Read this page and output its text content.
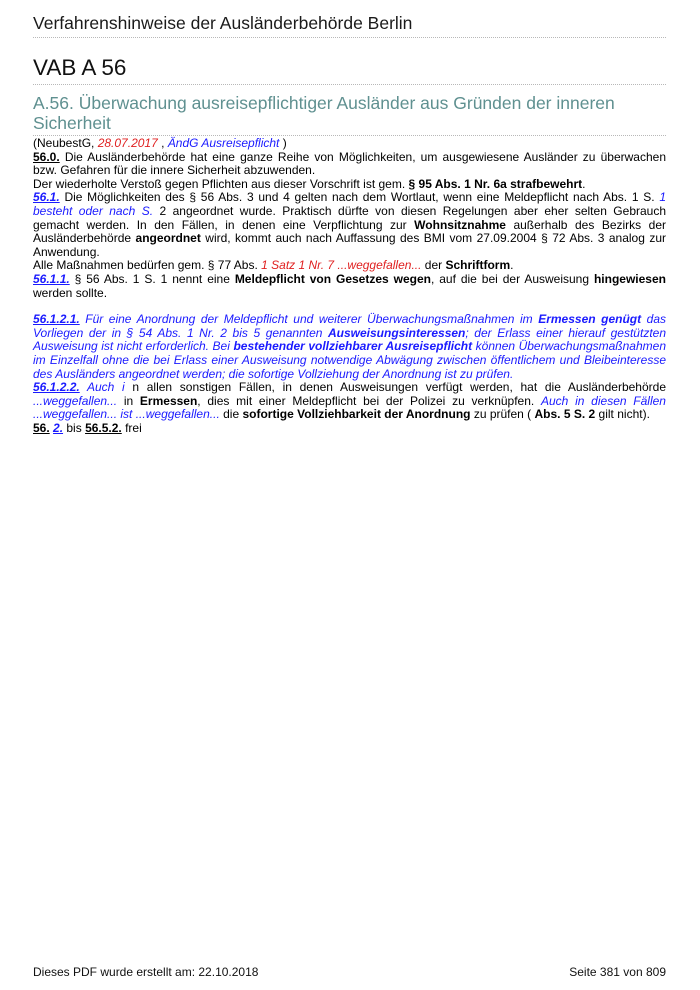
Verfahrenshinweise der Ausländerbehörde Berlin
VAB A 56
A.56. Überwachung ausreisepflichtiger Ausländer aus Gründen der inneren Sicherheit

(NeubestG, 28.07.2017 , ÄndG Ausreisepflicht )

56.0. Die Ausländerbehörde hat eine ganze Reihe von Möglichkeiten, um ausgewiesene Ausländer zu überwachen bzw. Gefahren für die innere Sicherheit abzuwenden.

Der wiederholte Verstoß gegen Pflichten aus dieser Vorschrift ist gem. § 95 Abs. 1 Nr. 6a strafbewehrt.

56.1. Die Möglichkeiten des § 56 Abs. 3 und 4 gelten nach dem Wortlaut, wenn eine Meldepflicht nach Abs. 1 S. 1 besteht oder nach S. 2 angeordnet wurde. Praktisch dürfte von diesen Regelungen aber eher selten Gebrauch gemacht werden. In den Fällen, in denen eine Verpflichtung zur Wohnsitznahme außerhalb des Bezirks der Ausländerbehörde angeordnet wird, kommt auch nach Auffassung des BMI vom 27.09.2004 § 72 Abs. 3 analog zur Anwendung.

Alle Maßnahmen bedürfen gem. § 77 Abs. 1 Satz 1 Nr. 7 ...weggefallen... der Schriftform.

56.1.1. § 56 Abs. 1 S. 1 nennt eine Meldepflicht von Gesetzes wegen, auf die bei der Ausweisung hingewiesen werden sollte.

56.1.2.1. Für eine Anordnung der Meldepflicht und weiterer Überwachungsmaßnahmen im Ermessen genügt das Vorliegen der in § 54 Abs. 1 Nr. 2 bis 5 genannten Ausweisungsinteressen; der Erlass einer hierauf gestützten Ausweisung ist nicht erforderlich. Bei bestehender vollziehbarer Ausreisepflicht können Überwachungsmaßnahmen im Einzelfall ohne die bei Erlass einer Ausweisung notwendige Abwägung zwischen öffentlichem und Bleibeinteresse des Ausländers angeordnet werden; die sofortige Vollziehung der Anordnung ist zu prüfen.

56.1.2.2. Auch i n allen sonstigen Fällen, in denen Ausweisungen verfügt werden, hat die Ausländerbehörde ...weggefallen... in Ermessen, dies mit einer Meldepflicht bei der Polizei zu verknüpfen. Auch in diesen Fällen ...weggefallen... ist ...weggefallen... die sofortige Vollziehbarkeit der Anordnung zu prüfen ( Abs. 5 S. 2 gilt nicht).

56. 2. bis 56.5.2. frei

Dieses PDF wurde erstellt am: 22.10.2018	Seite 381 von 809
